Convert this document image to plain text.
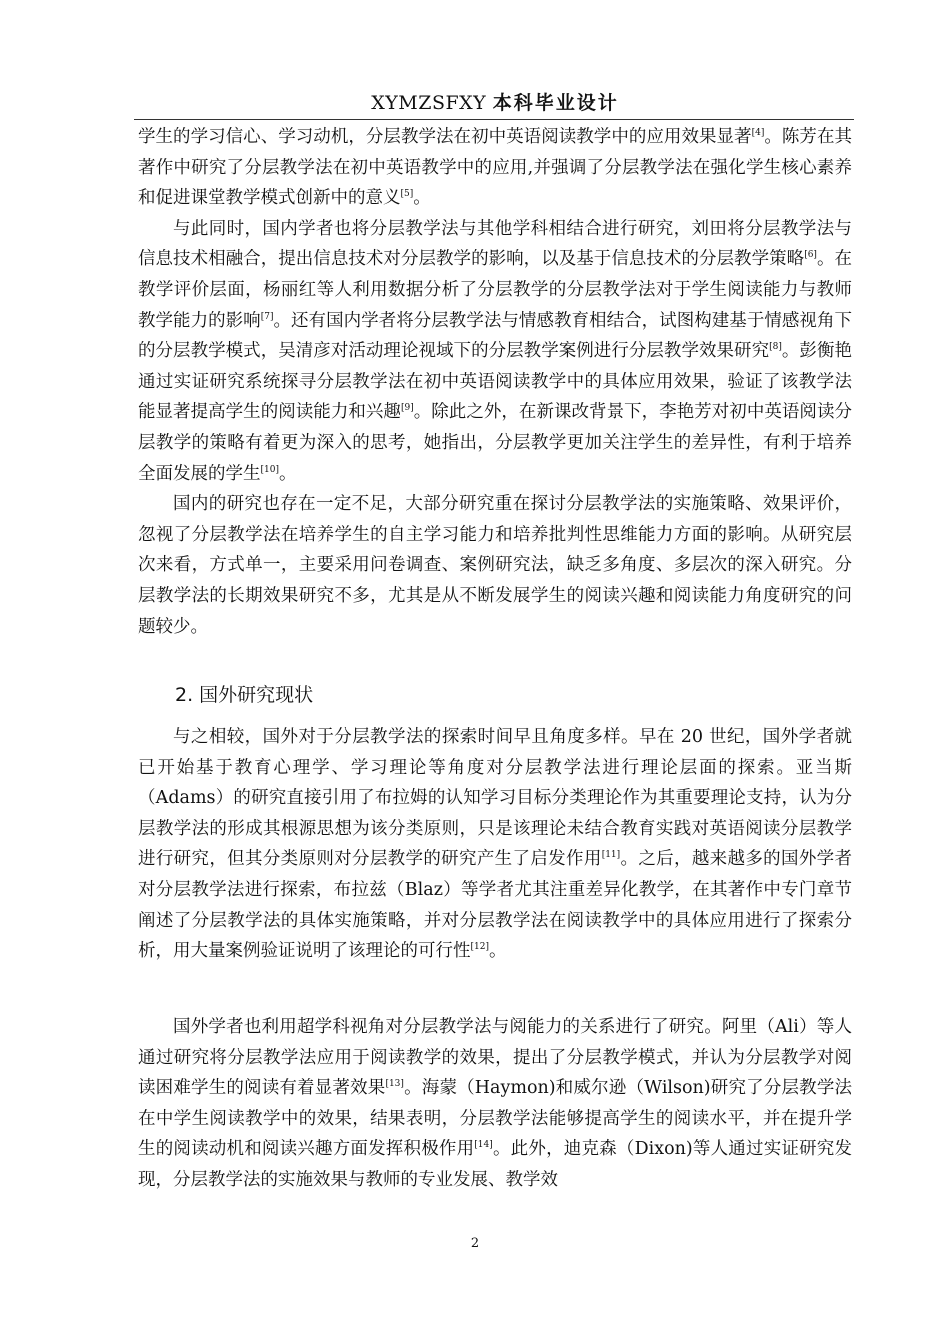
XYMZSFXY 本科毕业设计

学生的学习信心、学习动机，分层教学法在初中英语阅读教学中的应用效果显著[4]。陈芳在其著作中研究了分层教学法在初中英语教学中的应用,并强调了分层教学法在强化学生核心素养和促进课堂教学模式创新中的意义[5]。

与此同时，国内学者也将分层教学法与其他学科相结合进行研究，刘田将分层教学法与信息技术相融合，提出信息技术对分层教学的影响，以及基于信息技术的分层教学策略[6]。在教学评价层面，杨丽红等人利用数据分析了分层教学的分层教学法对于学生阅读能力与教师教学能力的影响[7]。还有国内学者将分层教学法与情感教育相结合，试图构建基于情感视角下的分层教学模式，吴清彦对活动理论视域下的分层教学案例进行分层教学效果研究[8]。彭衡艳通过实证研究系统探寻分层教学法在初中英语阅读教学中的具体应用效果，验证了该教学法能显著提高学生的阅读能力和兴趣[9]。除此之外，在新课改背景下，李艳芳对初中英语阅读分层教学的策略有着更为深入的思考，她指出，分层教学更加关注学生的差异性，有利于培养全面发展的学生[10]。

国内的研究也存在一定不足，大部分研究重在探讨分层教学法的实施策略、效果评价，忽视了分层教学法在培养学生的自主学习能力和培养批判性思维能力方面的影响。从研究层次来看，方式单一，主要采用问卷调查、案例研究法，缺乏多角度、多层次的深入研究。分层教学法的长期效果研究不多，尤其是从不断发展学生的阅读兴趣和阅读能力角度研究的问题较少。

2. 国外研究现状

与之相较，国外对于分层教学法的探索时间早且角度多样。早在 20 世纪，国外学者就已开始基于教育心理学、学习理论等角度对分层教学法进行理论层面的探索。亚当斯（Adams）的研究直接引用了布拉姆的认知学习目标分类理论作为其重要理论支持，认为分层教学法的形成其根源思想为该分类原则，只是该理论未结合教育实践对英语阅读分层教学进行研究，但其分类原则对分层教学的研究产生了启发作用[11]。之后，越来越多的国外学者对分层教学法进行探索，布拉兹（Blaz）等学者尤其注重差异化教学，在其著作中专门章节阐述了分层教学法的具体实施策略，并对分层教学法在阅读教学中的具体应用进行了探索分析，用大量案例验证说明了该理论的可行性[12]。

国外学者也利用超学科视角对分层教学法与阅能力的关系进行了研究。阿里（Ali）等人通过研究将分层教学法应用于阅读教学的效果，提出了分层教学模式，并认为分层教学对阅读困难学生的阅读有着显著效果[13]。海蒙（Haymon)和威尔逊（Wilson)研究了分层教学法在中学生阅读教学中的效果，结果表明，分层教学法能够提高学生的阅读水平，并在提升学生的阅读动机和阅读兴趣方面发挥积极作用[14]。此外，迪克森（Dixon)等人通过实证研究发现，分层教学法的实施效果与教师的专业发展、教学效

2
